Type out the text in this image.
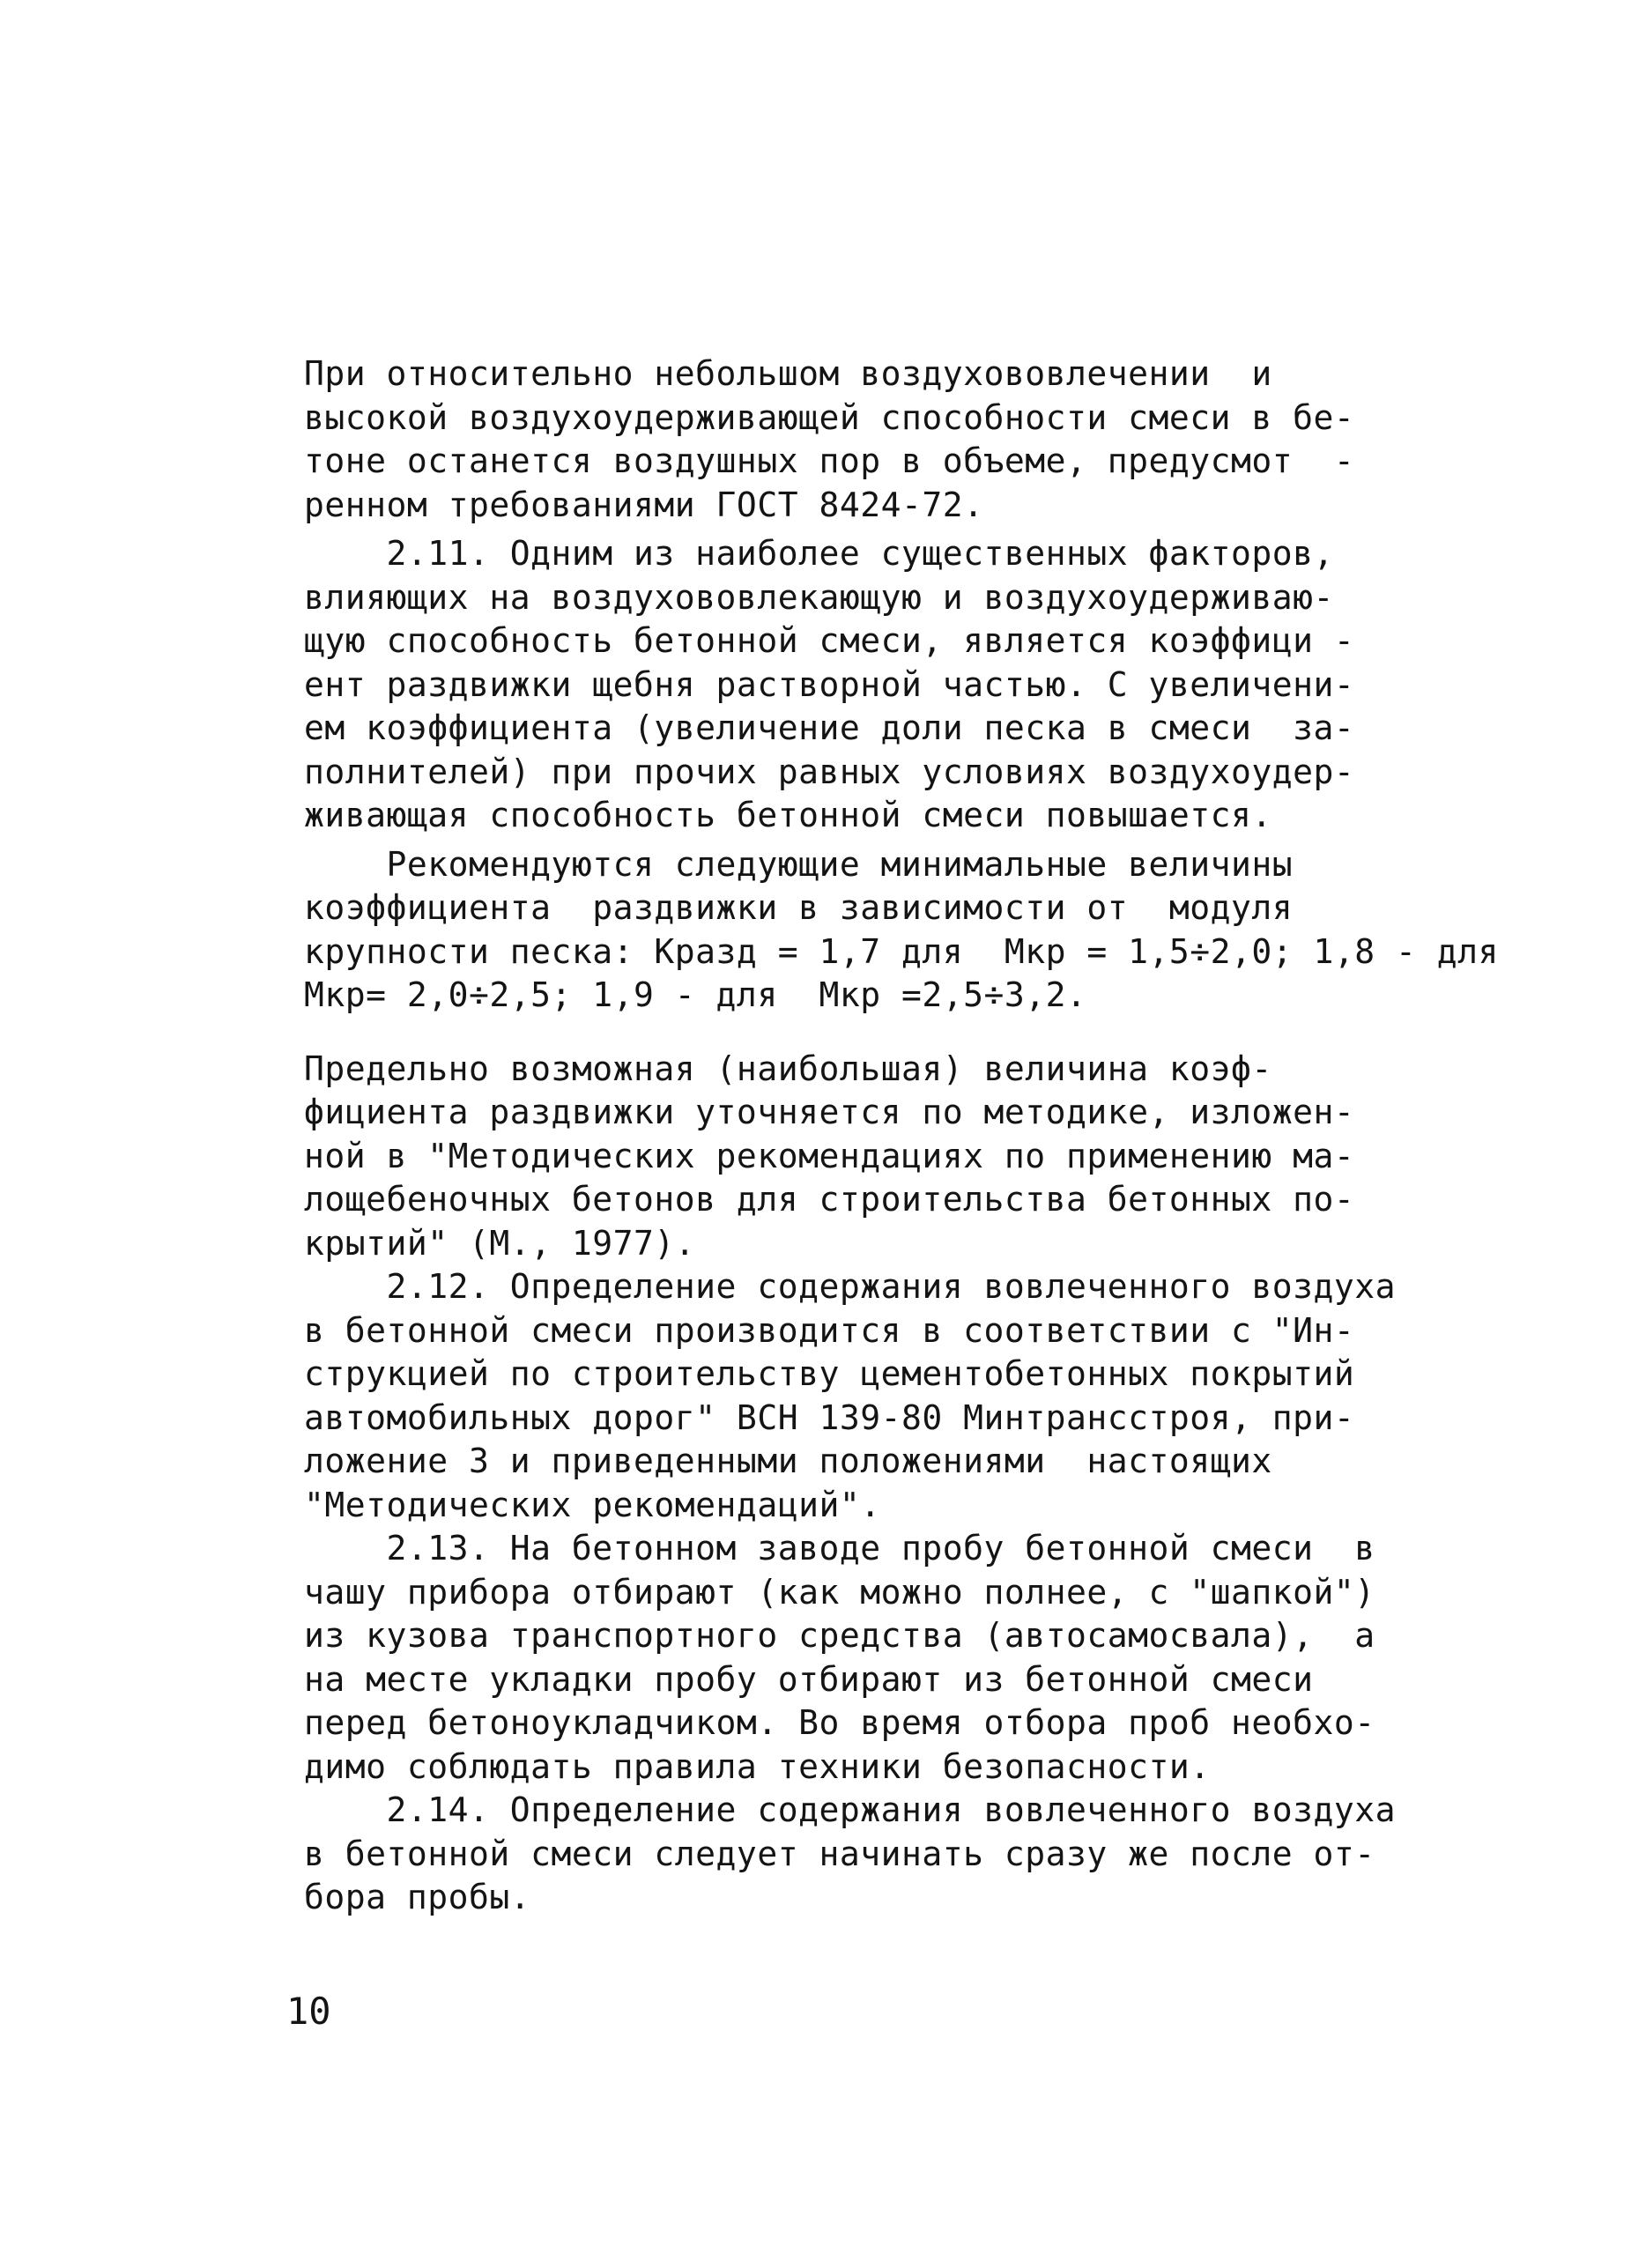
При относительно небольшом воздухововлечении  и
высокой воздухоудерживающей способности смеси в бе-
тоне останется воздушных пор в объеме, предусмот  -
ренном требованиями ГОСТ 8424-72.
2.11. Одним из наиболее существенных факторов,
влияющих на воздухововлекающую и воздухоудерживаю-
щую способность бетонной смеси, является коэффици -
ент раздвижки щебня растворной частью. С увеличени-
ем коэффициента (увеличение доли песка в смеси  за-
полнителей) при прочих равных условиях воздухоудер-
живающая способность бетонной смеси повышается.
Рекомендуются следующие минимальные величины
коэффициента  раздвижки в зависимости от  модуля
крупности песка: Кразд = 1,7 для  Мкр = 1,5÷2,0; 1,8 - для
Мкр= 2,0÷2,5; 1,9 - для  Мкр =2,5÷3,2.
Предельно возможная (наибольшая) величина коэф-
фициента раздвижки уточняется по методике, изложен-
ной в "Методических рекомендациях по применению ма-
лощебеночных бетонов для строительства бетонных по-
крытий" (М., 1977).
2.12. Определение содержания вовлеченного воздуха
в бетонной смеси производится в соответствии с "Ин-
струкцией по строительству цементобетонных покрытий
автомобильных дорог" ВСН 139-80 Минтрансстроя, при-
ложение 3 и приведенными положениями  настоящих
"Методических рекомендаций".
2.13. На бетонном заводе пробу бетонной смеси  в
чашу прибора отбирают (как можно полнее, с "шапкой")
из кузова транспортного средства (автосамосвала),  а
на месте укладки пробу отбирают из бетонной смеси
перед бетоноукладчиком. Во время отбора проб необхо-
димо соблюдать правила техники безопасности.
2.14. Определение содержания вовлеченного воздуха
в бетонной смеси следует начинать сразу же после от-
бора пробы.
10
